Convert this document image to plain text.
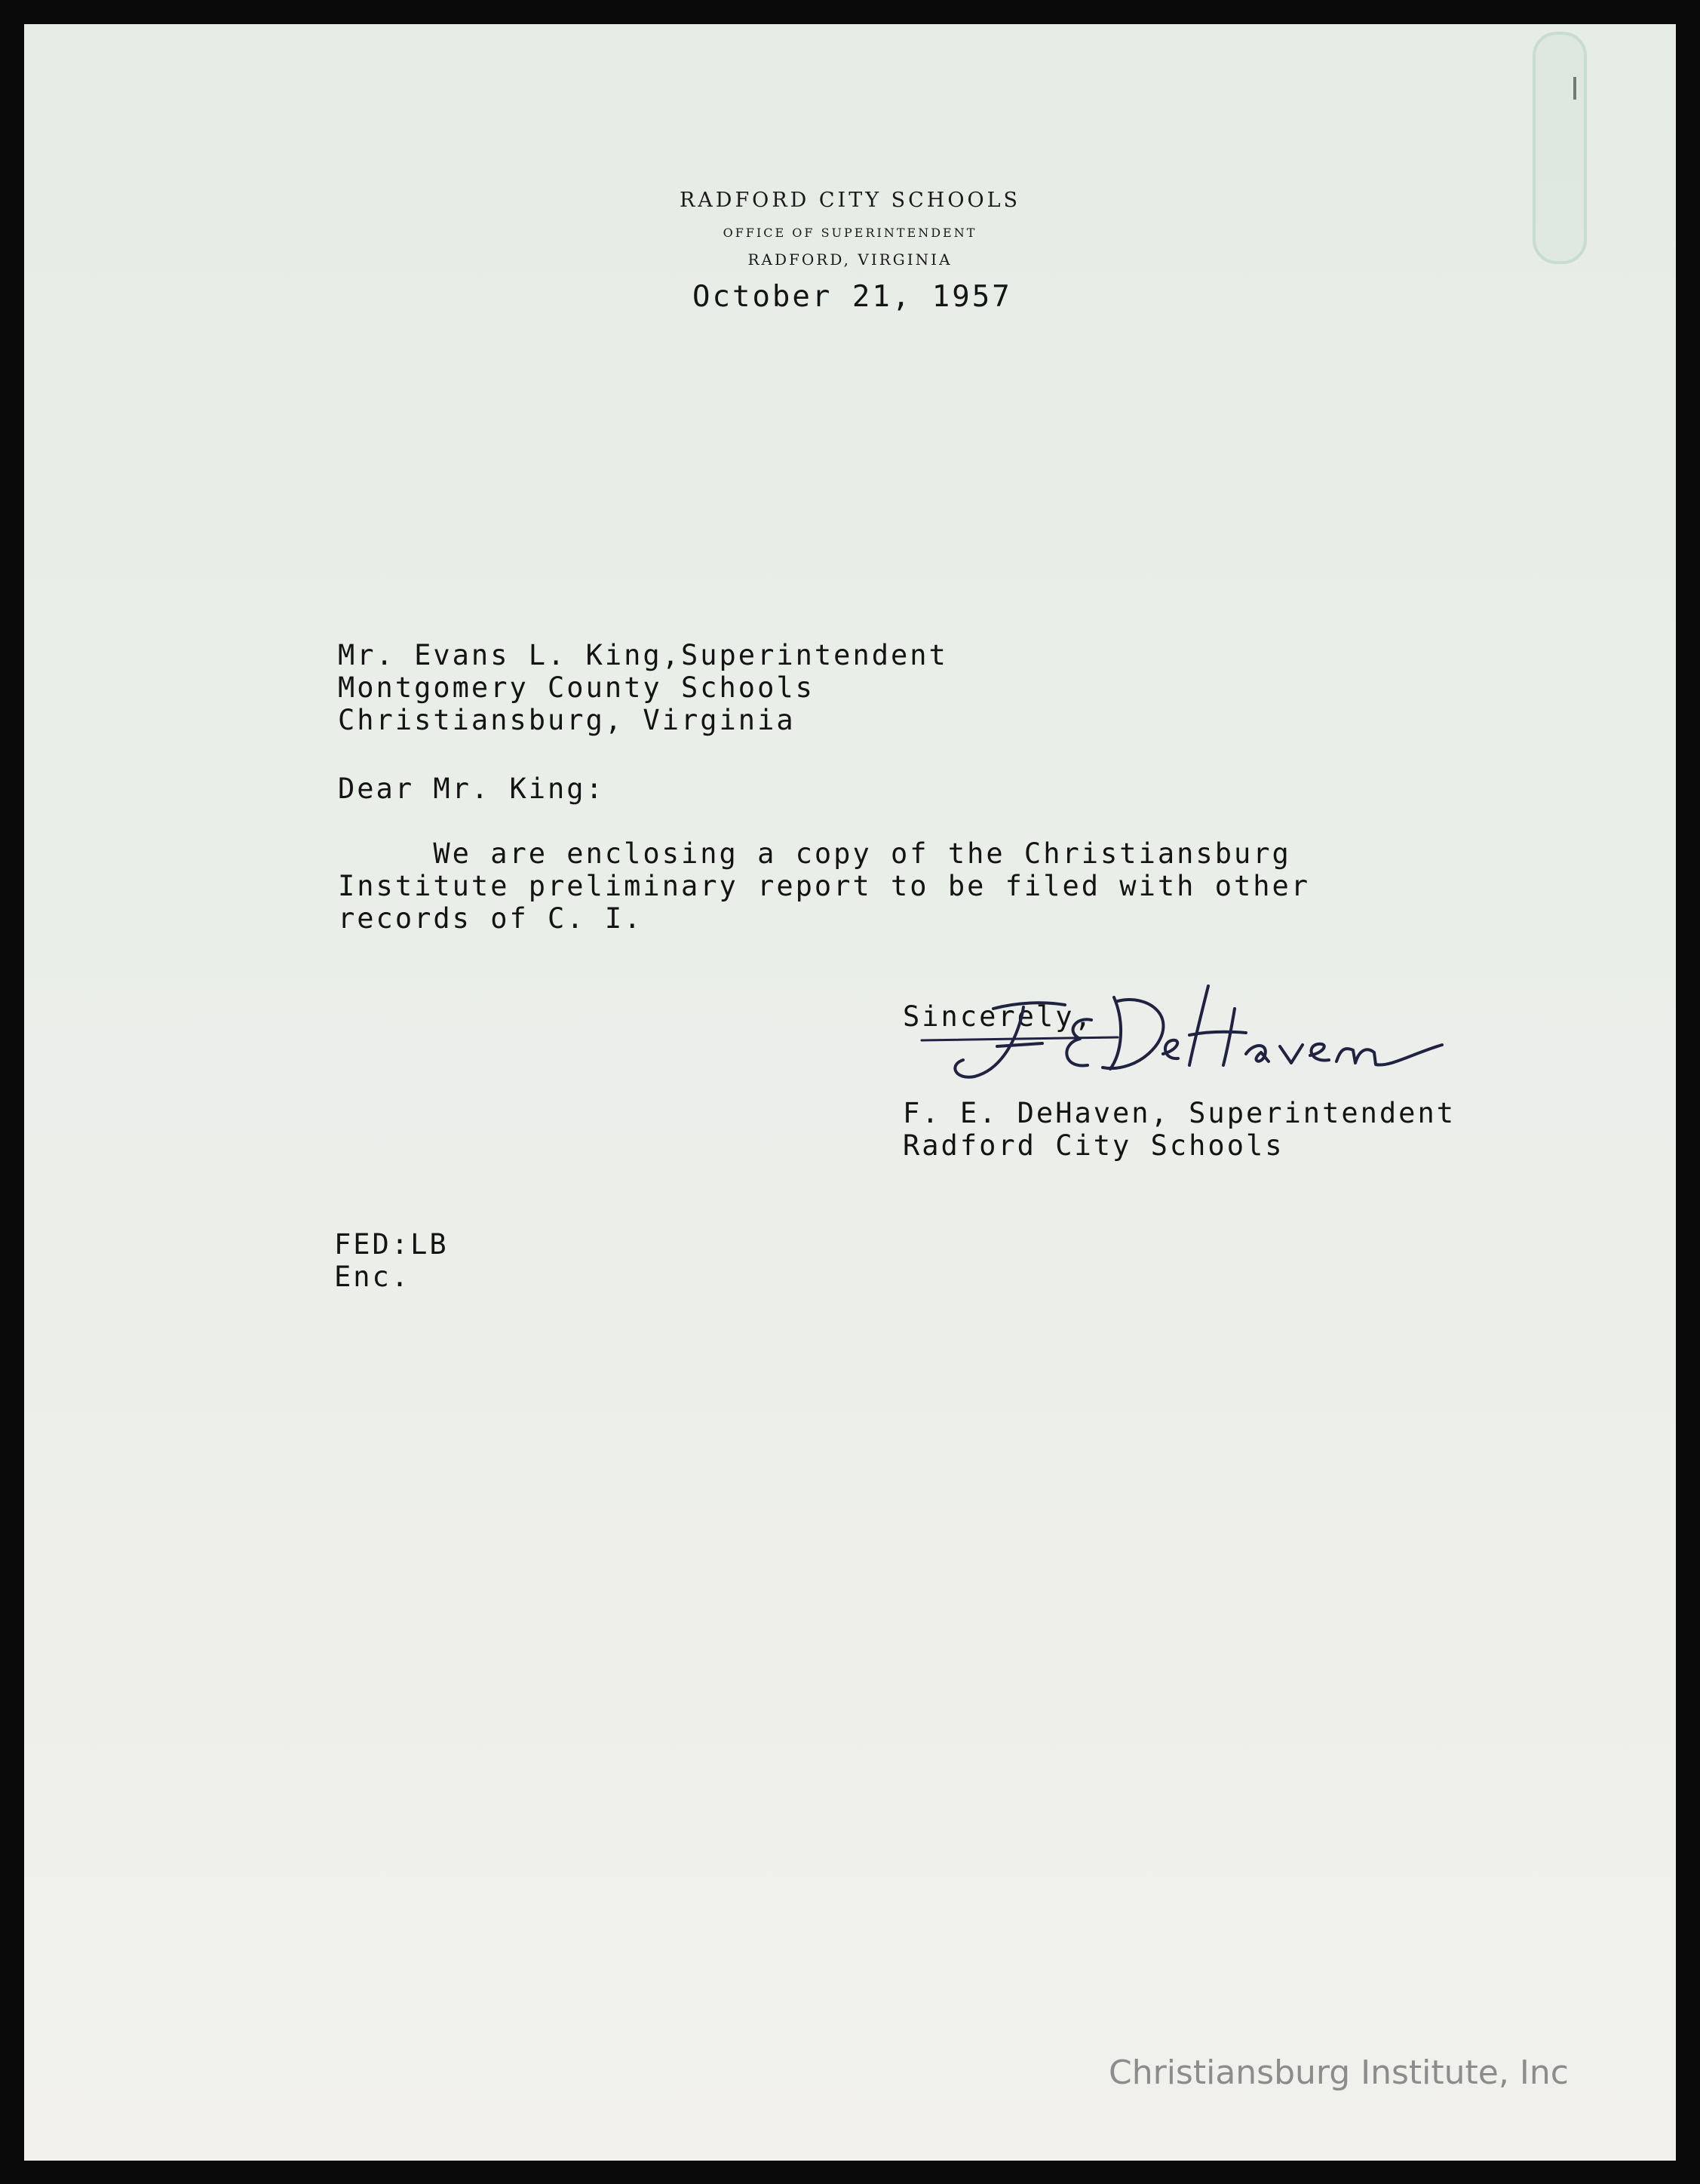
RADFORD CITY SCHOOLS
OFFICE OF SUPERINTENDENT
RADFORD, VIRGINIA
October 21, 1957
Mr. Evans L. King,Superintendent
Montgomery County Schools
Christiansburg, Virginia
Dear Mr. King:
We are enclosing a copy of the Christiansburg
Institute preliminary report to be filed with other
records of C. I.
Sincerely,
F. E. DeHaven, Superintendent
Radford City Schools
FED:LB
Enc.
Christiansburg Institute, Inc
